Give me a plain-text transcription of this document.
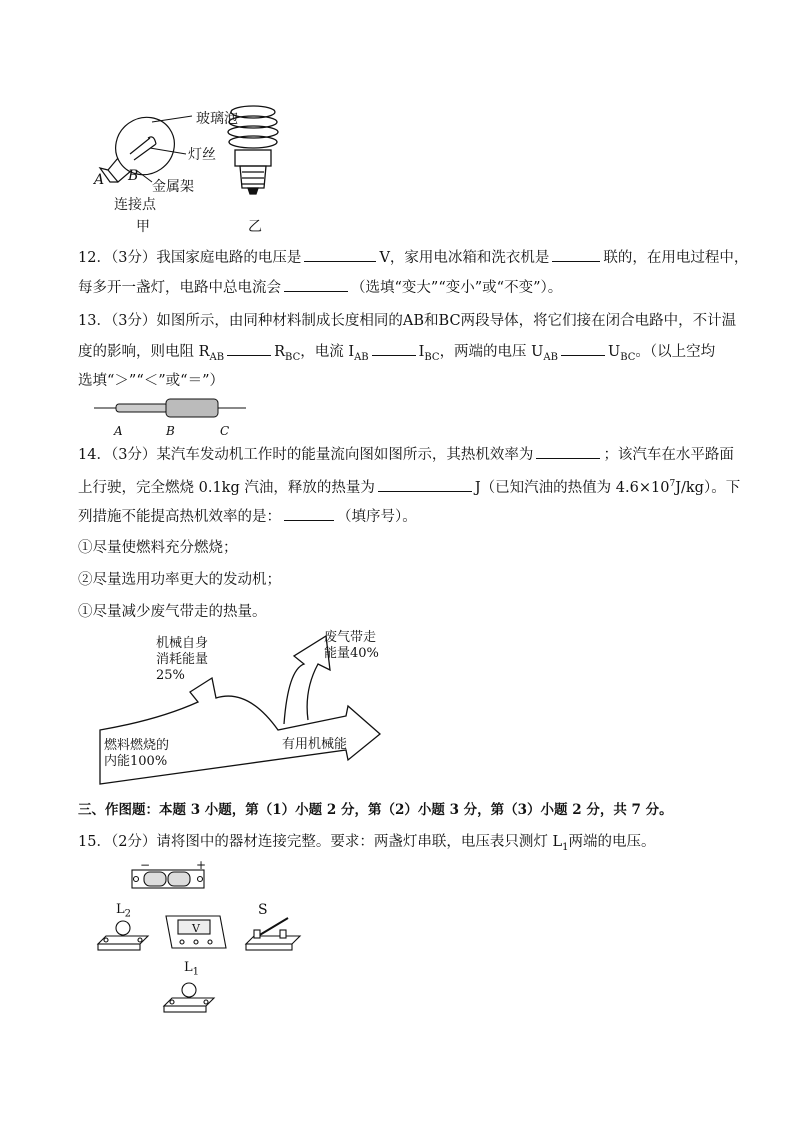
玻璃泡
灯丝
金属架
A B
连接点
甲	乙
12．（3分）我国家庭电路的电压是	V，家用电冰箱和洗衣机是	联的，在用电过程中，
每多开一盏灯，电路中总电流会	（选填“变大”“变小”或“不变”）。
13．（3分）如图所示，由同种材料制成长度相同的AB和BC两段导体，将它们接在闭合电路中，不计温
度的影响，则电阻 $R_{AB}$	$R_{BC}$，电流 $I_{AB}$	$I_{BC}$，两端的电压 $U_{AB}$	$U_{BC}$。（以上空均
选填“＞”“＜”或“＝”）
A	B	C
14．（3分）某汽车发动机工作时的能量流向图如图所示，其热机效率为	；该汽车在水平路面
上行驶，完全燃烧 0.1kg 汽油，释放的热量为	J（已知汽油的热值为 $4.6\times 10^7J/kg$）。下
列措施不能提高热机效率的是：	（填序号）。
①尽量使燃料充分燃烧；
②尽量选用功率更大的发动机；
①尽量减少废气带走的热量。
机械自身
消耗能量
25%
废气带走
能量40%
有用机械能
燃料燃烧的
内能100%
三、作图题：本题 3 小题，第（1）小题 2 分，第（2）小题 3 分，第（3）小题 2 分，共 7 分。
15．（2分）请将图中的器材连接完整。要求：两盏灯串联，电压表只测灯 $L_1$两端的电压。
−	+
$L_2$
V
S
$L_1$
